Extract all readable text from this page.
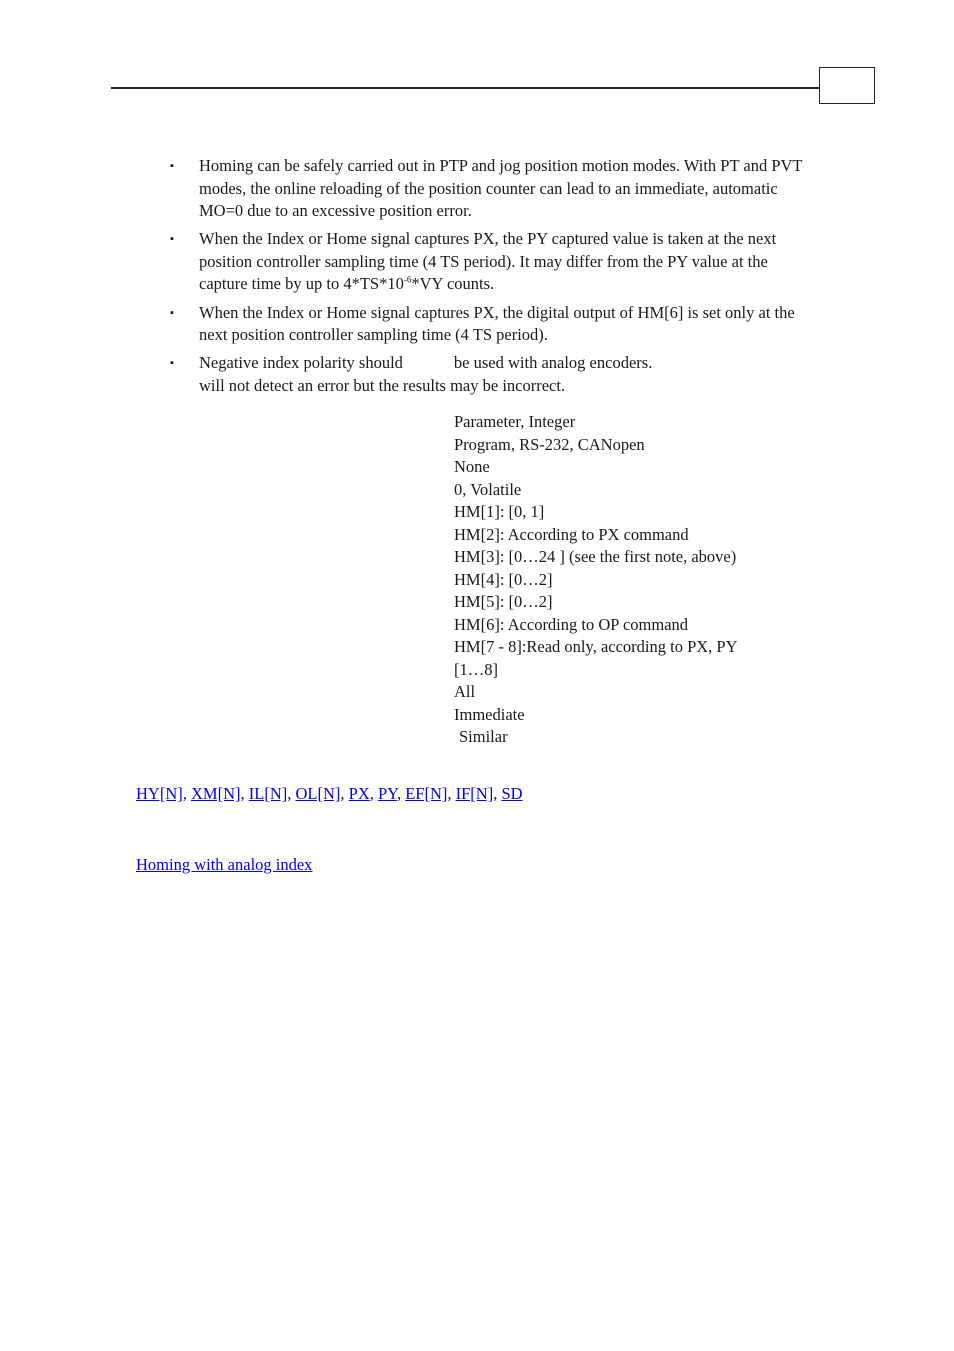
▪ Homing can be safely carried out in PTP and jog position motion modes. With PT and PVT modes, the online reloading of the position counter can lead to an immediate, automatic MO=0 due to an excessive position error.
▪ When the Index or Home signal captures PX, the PY captured value is taken at the next position controller sampling time (4 TS period). It may differ from the PY value at the capture time by up to $4*TS*10^{-6}*VY$ counts.
▪ When the Index or Home signal captures PX, the digital output of HM[6] is set only at the next position controller sampling time (4 TS period).
▪ Negative index polarity should	be used with analog encoders.
will not detect an error but the results may be incorrect.
Parameter, Integer
Program, RS-232, CANopen
None
0, Volatile
HM[1]: [0, 1]
HM[2]: According to PX command
HM[3]: [0…24 ] (see the first note, above)
HM[4]: [0…2]
HM[5]: [0…2]
HM[6]: According to OP command
HM[7 - 8]:Read only, according to PX, PY
[1…8]
All
Immediate
Similar
HY[N], XM[N], IL[N], OL[N], PX, PY, EF[N], IF[N], SD
Homing with analog index
